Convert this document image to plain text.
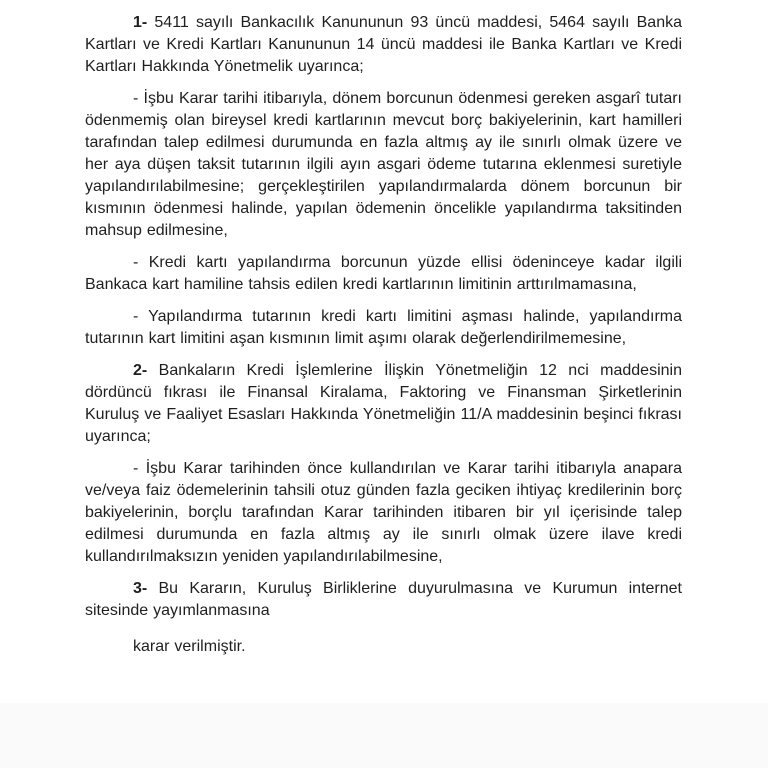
1- 5411 sayılı Bankacılık Kanununun 93 üncü maddesi, 5464 sayılı Banka Kartları ve Kredi Kartları Kanununun 14 üncü maddesi ile Banka Kartları ve Kredi Kartları Hakkında Yönetmelik uyarınca;

- İşbu Karar tarihi itibarıyla, dönem borcunun ödenmesi gereken asgarî tutarı ödenmemiş olan bireysel kredi kartlarının mevcut borç bakiyelerinin, kart hamilleri tarafından talep edilmesi durumunda en fazla altmış ay ile sınırlı olmak üzere ve her aya düşen taksit tutarının ilgili ayın asgari ödeme tutarına eklenmesi suretiyle yapılandırılabilmesine; gerçekleştirilen yapılandırmalarda dönem borcunun bir kısmının ödenmesi halinde, yapılan ödemenin öncelikle yapılandırma taksitinden mahsup edilmesine,

- Kredi kartı yapılandırma borcunun yüzde ellisi ödeninceye kadar ilgili Bankaca kart hamiline tahsis edilen kredi kartlarının limitinin arttırılmamasına,

- Yapılandırma tutarının kredi kartı limitini aşması halinde, yapılandırma tutarının kart limitini aşan kısmının limit aşımı olarak değerlendirilmemesine,

2- Bankaların Kredi İşlemlerine İlişkin Yönetmeliğin 12 nci maddesinin dördüncü fıkrası ile Finansal Kiralama, Faktoring ve Finansman Şirketlerinin Kuruluş ve Faaliyet Esasları Hakkında Yönetmeliğin 11/A maddesinin beşinci fıkrası uyarınca;

- İşbu Karar tarihinden önce kullandırılan ve Karar tarihi itibarıyla anapara ve/veya faiz ödemelerinin tahsili otuz günden fazla geciken ihtiyaç kredilerinin borç bakiyelerinin, borçlu tarafından Karar tarihinden itibaren bir yıl içerisinde talep edilmesi durumunda en fazla altmış ay ile sınırlı olmak üzere ilave kredi kullandırılmaksızın yeniden yapılandırılabilmesine,

3- Bu Kararın, Kuruluş Birliklerine duyurulmasına ve Kurumun internet sitesinde yayımlanmasına

karar verilmiştir.
